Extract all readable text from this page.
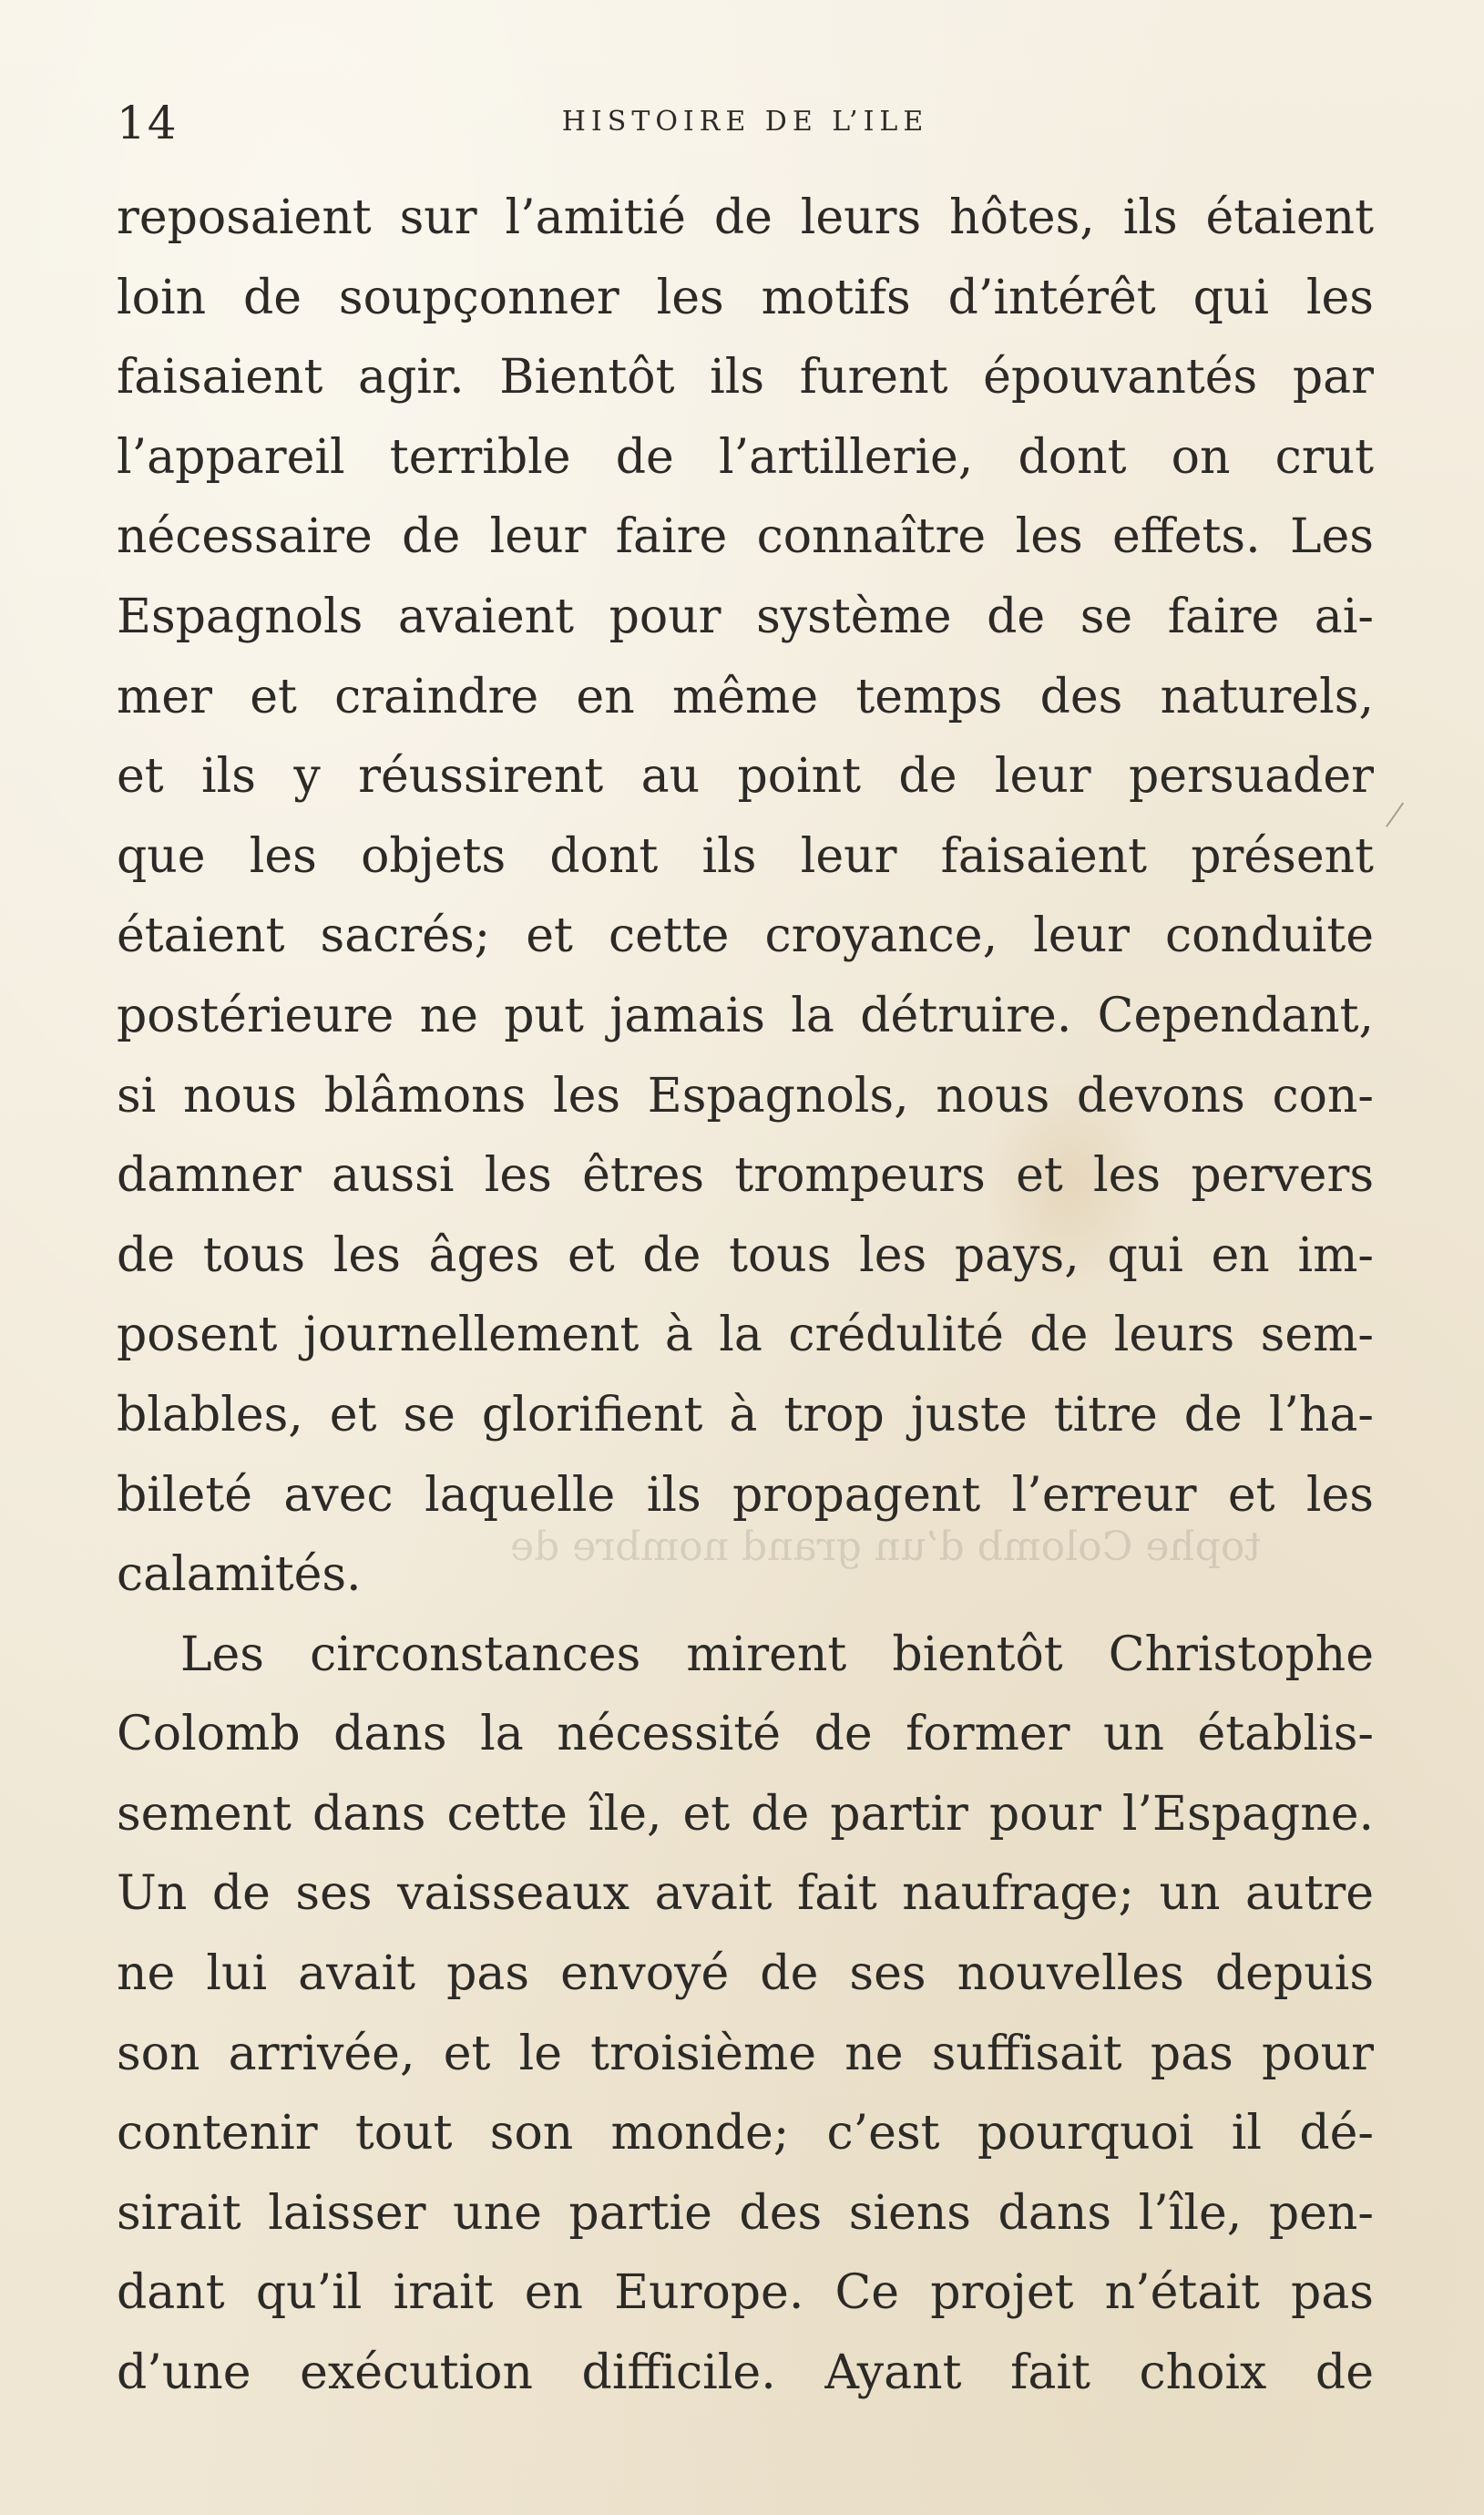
14	HISTOIRE DE L’ILE
reposaient sur l’amitié de leurs hôtes, ils étaient
loin de soupçonner les motifs d’intérêt qui les
faisaient agir. Bientôt ils furent épouvantés par
l’appareil terrible de l’artillerie, dont on crut
nécessaire de leur faire connaître les effets. Les
Espagnols avaient pour système de se faire ai-
mer et craindre en même temps des naturels,
et ils y réussirent au point de leur persuader
que les objets dont ils leur faisaient présent
étaient sacrés; et cette croyance, leur conduite
postérieure ne put jamais la détruire. Cependant,
si nous blâmons les Espagnols, nous devons con-
damner aussi les êtres trompeurs et les pervers
de tous les âges et de tous les pays, qui en im-
posent journellement à la crédulité de leurs sem-
blables, et se glorifient à trop juste titre de l’ha-
bileté avec laquelle ils propagent l’erreur et les
calamités.
Les circonstances mirent bientôt Christophe
Colomb dans la nécessité de former un établis-
sement dans cette île, et de partir pour l’Espagne.
Un de ses vaisseaux avait fait naufrage; un autre
ne lui avait pas envoyé de ses nouvelles depuis
son arrivée, et le troisième ne suffisait pas pour
contenir tout son monde; c’est pourquoi il dé-
sirait laisser une partie des siens dans l’île, pen-
dant qu’il irait en Europe. Ce projet n’était pas
d’une exécution difficile. Ayant fait choix de
tophe Colomb d’un grand nombre de
